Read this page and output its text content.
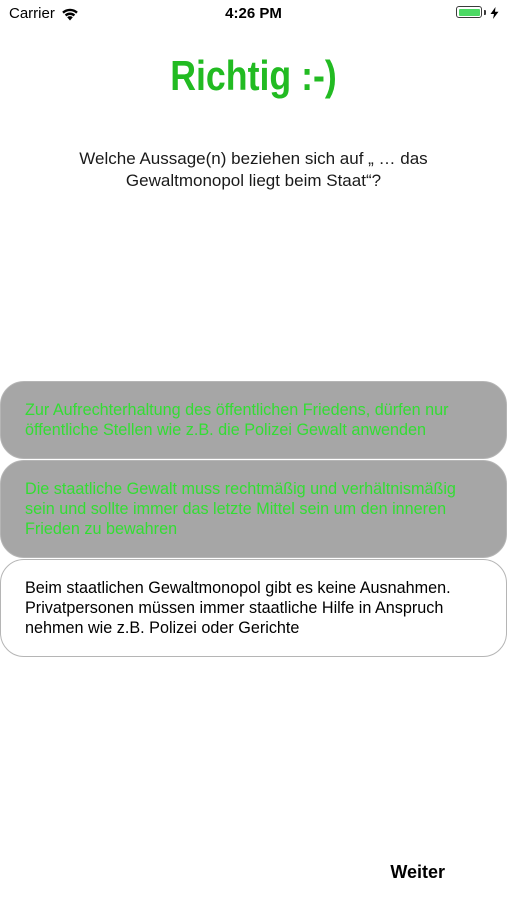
Carrier	4:26 PM
Richtig :-)
Welche Aussage(n) beziehen sich auf „ … das Gewaltmonopol liegt beim Staat“?
Zur Aufrechterhaltung des öffentlichen Friedens, dürfen nur öffentliche Stellen wie z.B. die Polizei Gewalt anwenden
Die staatliche Gewalt muss rechtmäßig und verhältnismäßig sein und sollte immer das letzte Mittel sein um den inneren Frieden zu bewahren
Beim staatlichen Gewaltmonopol gibt es keine Ausnahmen. Privatpersonen müssen immer staatliche Hilfe in Anspruch nehmen wie z.B. Polizei oder Gerichte
Weiter
